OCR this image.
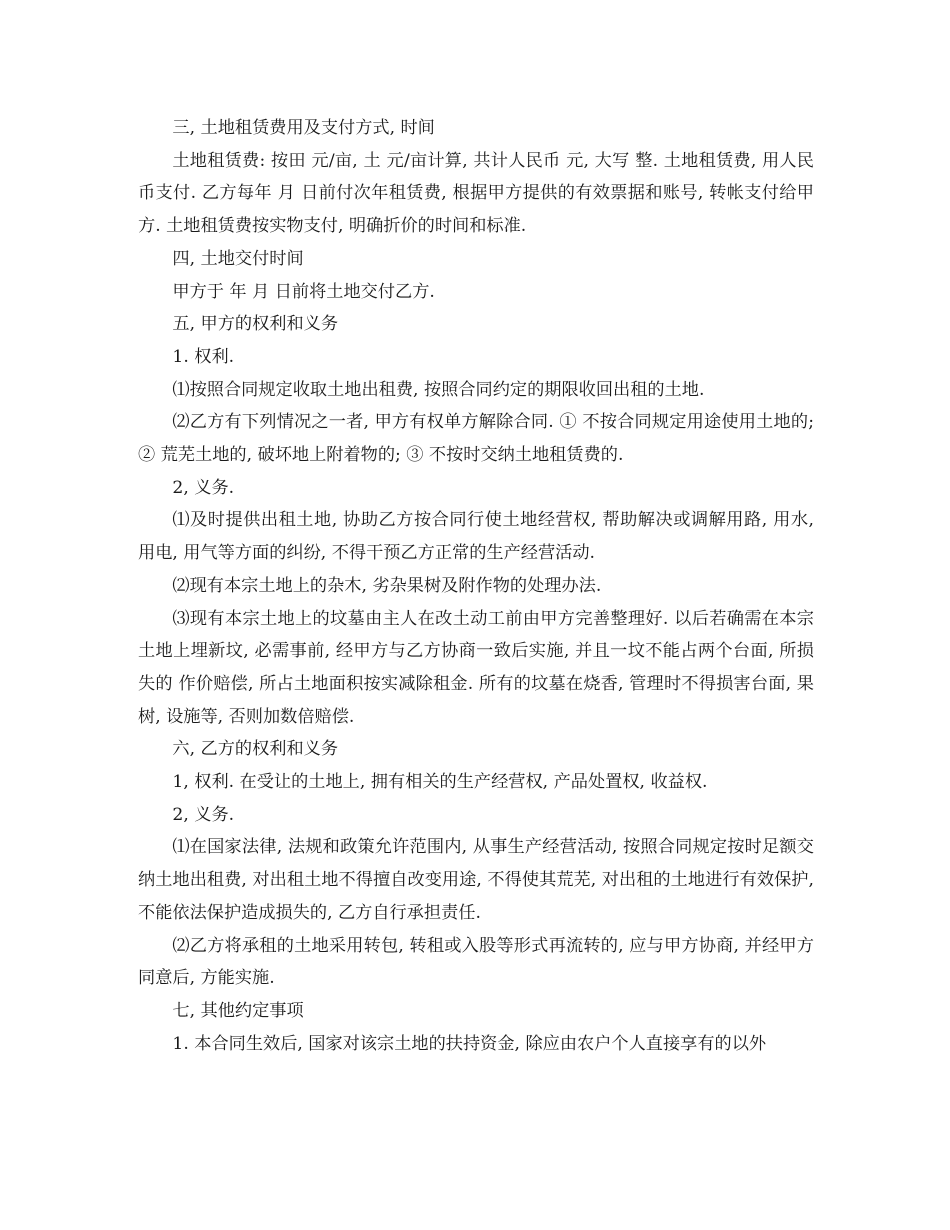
三, 土地租赁费用及支付方式, 时间

土地租赁费: 按田 元/亩, 土 元/亩计算, 共计人民币 元, 大写 整. 土地租赁费, 用人民币支付. 乙方每年 月 日前付次年租赁费, 根据甲方提供的有效票据和账号, 转帐支付给甲方. 土地租赁费按实物支付, 明确折价的时间和标准.

四, 土地交付时间

甲方于 年 月 日前将土地交付乙方.

五, 甲方的权利和义务

1. 权利.

⑴按照合同规定收取土地出租费, 按照合同约定的期限收回出租的土地.

⑵乙方有下列情况之一者, 甲方有权单方解除合同. ① 不按合同规定用途使用土地的; ② 荒芜土地的, 破坏地上附着物的; ③ 不按时交纳土地租赁费的.

2, 义务.

⑴及时提供出租土地, 协助乙方按合同行使土地经营权, 帮助解决或调解用路, 用水, 用电, 用气等方面的纠纷, 不得干预乙方正常的生产经营活动.

⑵现有本宗土地上的杂木, 劣杂果树及附作物的处理办法.

⑶现有本宗土地上的坟墓由主人在改土动工前由甲方完善整理好. 以后若确需在本宗土地上埋新坟, 必需事前, 经甲方与乙方协商一致后实施, 并且一坟不能占两个台面, 所损失的 作价赔偿, 所占土地面积按实减除租金. 所有的坟墓在烧香, 管理时不得损害台面, 果树, 设施等, 否则加数倍赔偿.

六, 乙方的权利和义务

1, 权利. 在受让的土地上, 拥有相关的生产经营权, 产品处置权, 收益权.

2, 义务.

⑴在国家法律, 法规和政策允许范围内, 从事生产经营活动, 按照合同规定按时足额交纳土地出租费, 对出租土地不得擅自改变用途, 不得使其荒芜, 对出租的土地进行有效保护, 不能依法保护造成损失的, 乙方自行承担责任.

⑵乙方将承租的土地采用转包, 转租或入股等形式再流转的, 应与甲方协商, 并经甲方同意后, 方能实施.

七, 其他约定事项

1. 本合同生效后, 国家对该宗土地的扶持资金, 除应由农户个人直接享有的以外
